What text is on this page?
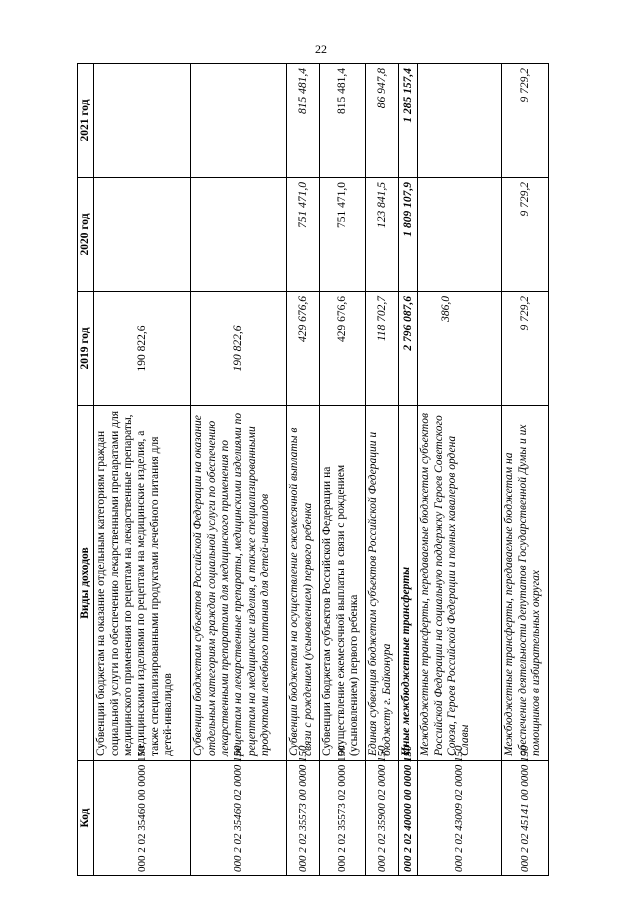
22
Код	Виды доходов	2019 год	2020 год	2021 год
000 2 02 35460 00 0000 150	Субвенции бюджетам на оказание отдельным категориям граждан социальной услуги по обеспечению лекарственными препаратами для медицинского применения по рецептам на лекарственные препараты, медицинскими изделиями по рецептам на медицинские изделия, а также специализированными продуктами лечебного питания для детей-инвалидов	190 822,6		
000 2 02 35460 02 0000 150	Субвенции бюджетам субъектов Российской Федерации на оказание отдельным категориям граждан социальной услуги по обеспечению лекарственными препаратами для медицинского применения по рецептам на лекарственные препараты, медицинскими изделиями по рецептам на медицинские изделия, а также специализированными продуктами лечебного питания для детей-инвалидов	190 822,6		
000 2 02 35573 00 0000 150	Субвенции бюджетам на осуществление ежемесячной выплаты в связи с рождением (усыновлением) первого ребенка	429 676,6	751 471,0	815 481,4
000 2 02 35573 02 0000 150	Субвенции бюджетам субъектов Российской Федерации на осуществление ежемесячной выплаты в связи с рождением (усыновлением) первого ребенка	429 676,6	751 471,0	815 481,4
000 2 02 35900 02 0000 150	Единая субвенция бюджетам субъектов Российской Федерации и бюджету г. Байконура	118 702,7	123 841,5	86 947,8
000 2 02 40000 00 0000 150	Иные межбюджетные трансферты	2 796 087,6	1 809 107,9	1 285 157,4
000 2 02 43009 02 0000 150	Межбюджетные трансферты, передаваемые бюджетам субъектов Российской Федерации на социальную поддержку Героев Советского Союза, Героев Российской Федерации и полных кавалеров ордена Славы	386,0		
000 2 02 45141 00 0000 150	Межбюджетные трансферты, передаваемые бюджетам на обеспечение деятельности депутатов Государственной Думы и их помощников в избирательных округах	9 729,2	9 729,2	9 729,2
